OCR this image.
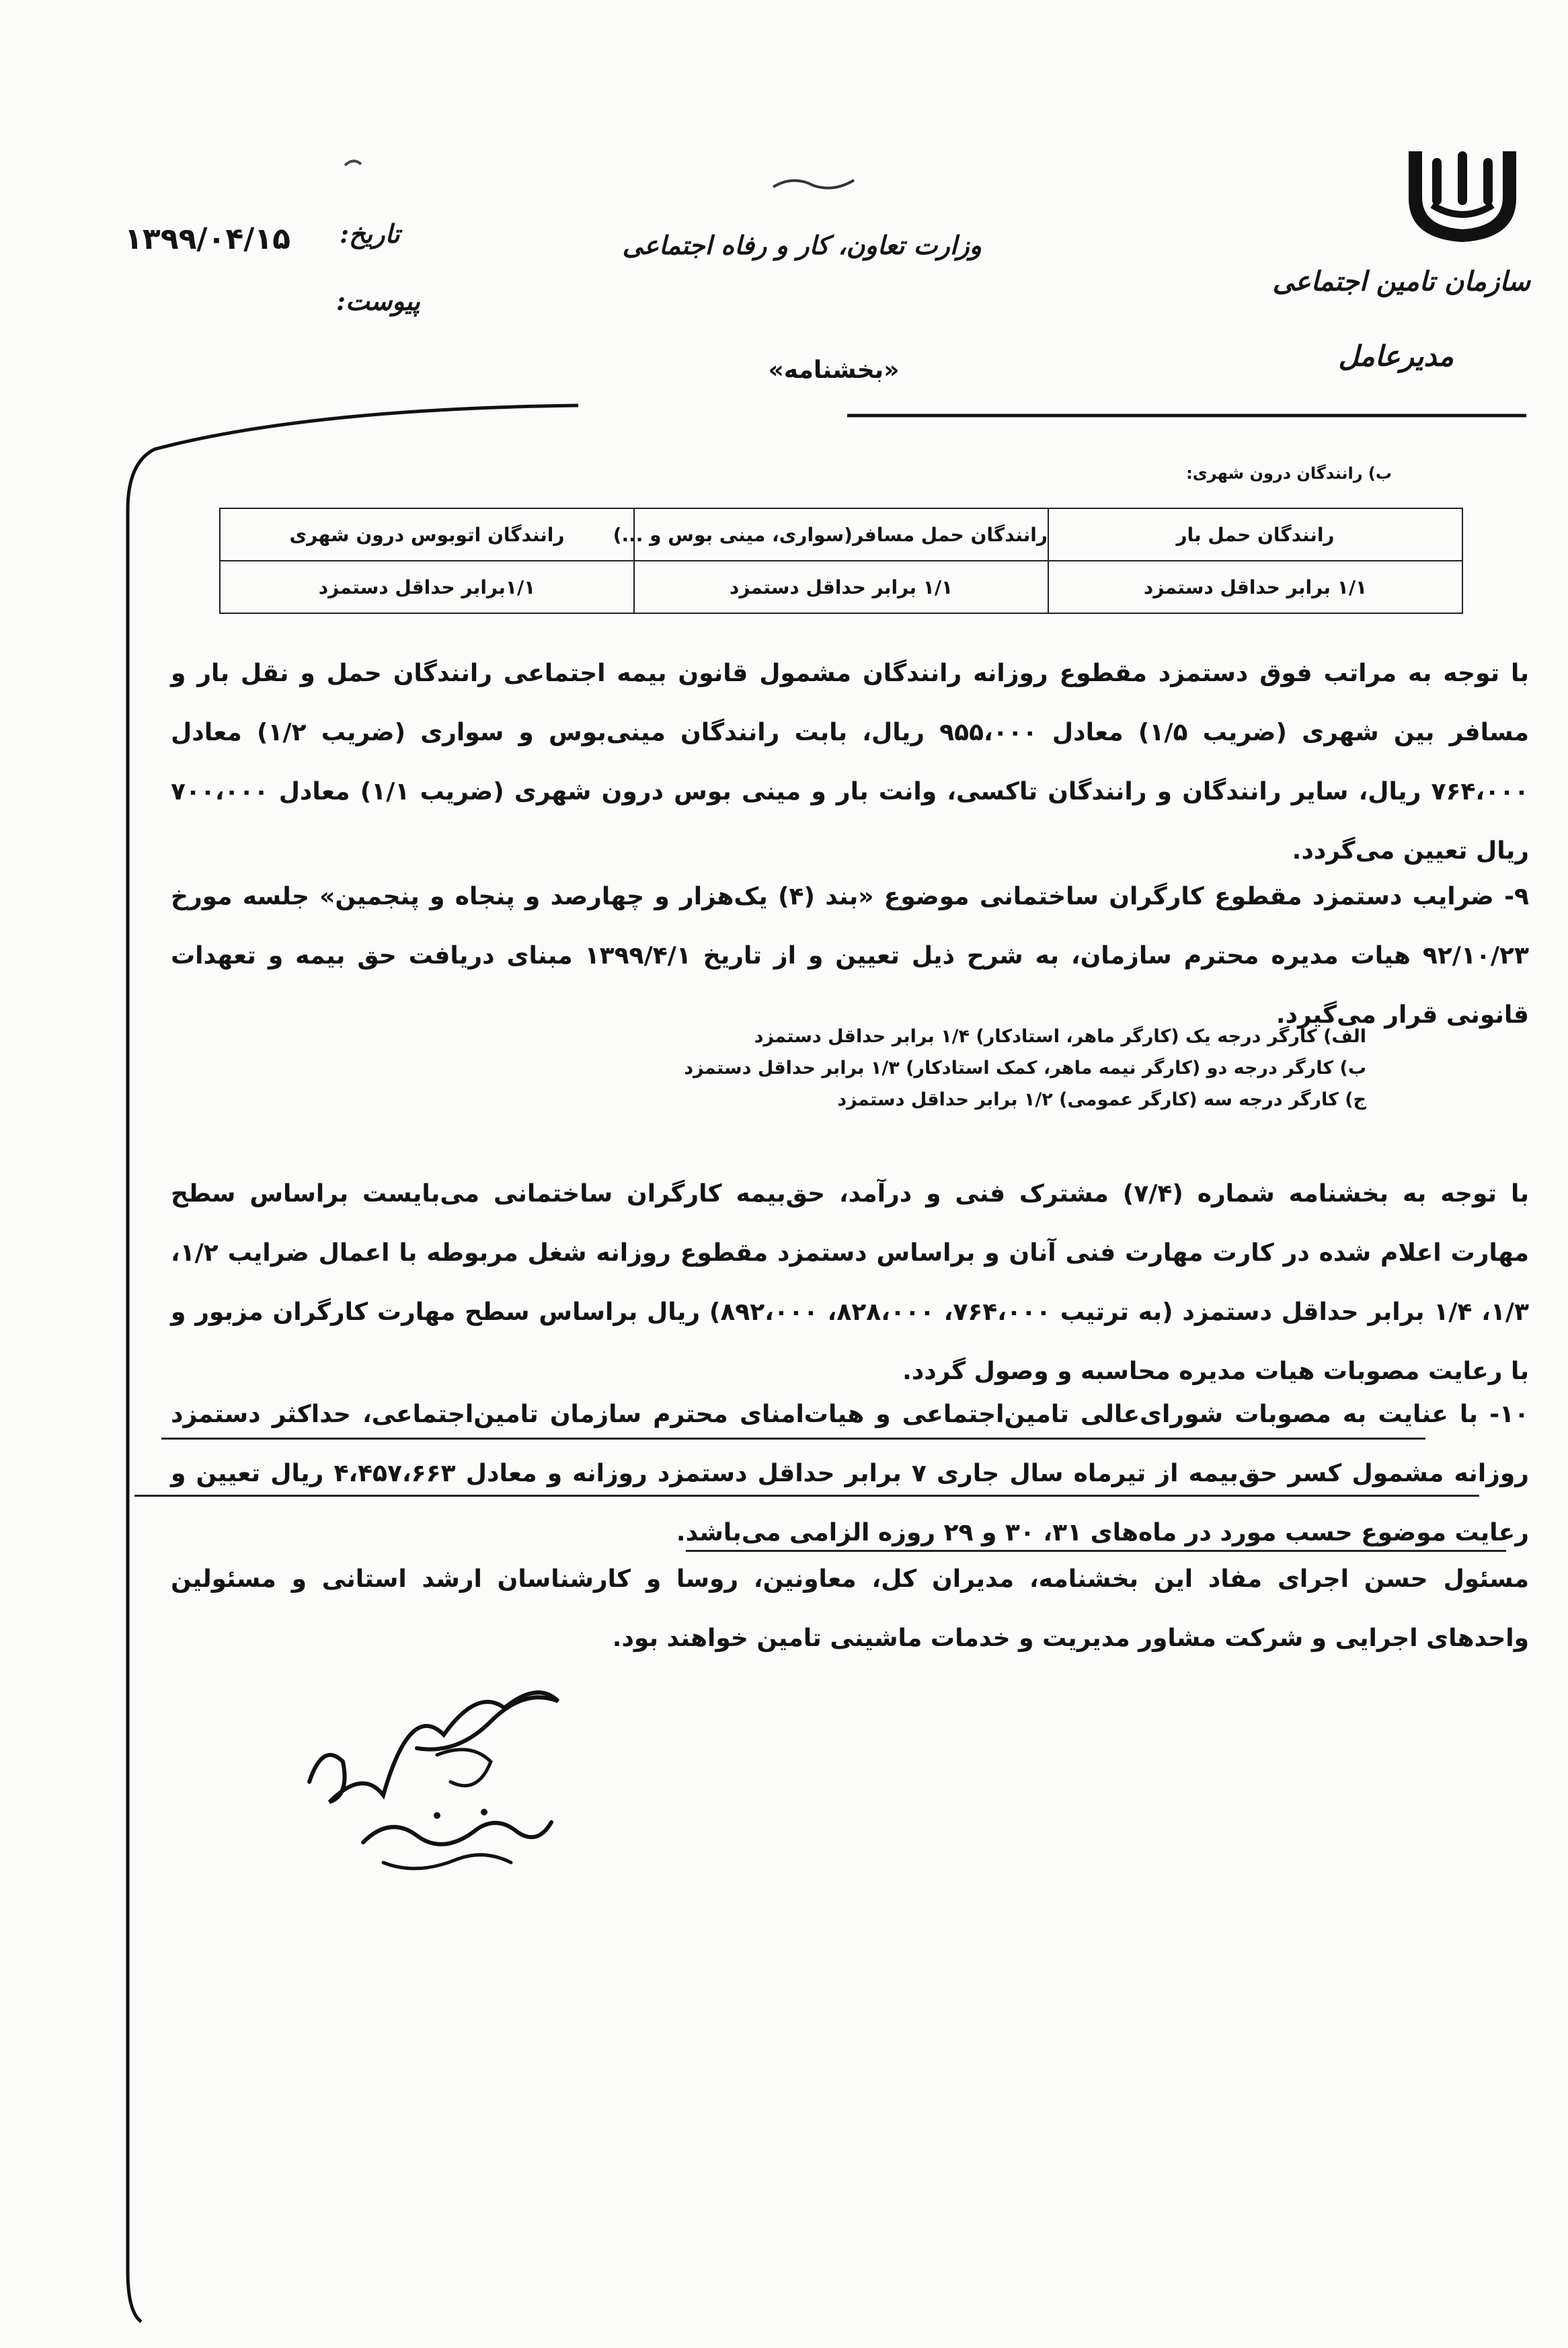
سازمان تامین اجتماعی
مدیرعامل
وزارت تعاون، کار و رفاه اجتماعی
تاریخ:
پیوست:
۱۳۹۹/۰۴/۱۵
«بخشنامه»
ب) رانندگان درون شهری:
رانندگان حمل بار	رانندگان حمل مسافر(سواری، مینی بوس و ...)	رانندگان اتوبوس درون شهری
۱/۱ برابر حداقل دستمزد	۱/۱ برابر حداقل دستمزد	۱/۱برابر حداقل دستمزد
با توجه به مراتب فوق دستمزد مقطوع روزانه رانندگان مشمول قانون بیمه اجتماعی رانندگان حمل و نقل بار و مسافر بین شهری (ضریب ۱/۵) معادل ۹۵۵،۰۰۰ ریال، بابت رانندگان مینی‌بوس و سواری (ضریب ۱/۲) معادل ۷۶۴،۰۰۰ ریال، سایر رانندگان و رانندگان تاکسی، وانت بار و مینی بوس درون شهری (ضریب ۱/۱) معادل ۷۰۰،۰۰۰ ریال تعیین می‌گردد.
۹- ضرایب دستمزد مقطوع کارگران ساختمانی موضوع «بند (۴) یک‌هزار و چهارصد و پنجاه و پنجمین» جلسه مورخ ۹۲/۱۰/۲۳ هیات مدیره محترم سازمان، به شرح ذیل تعیین و از تاریخ ۱۳۹۹/۴/۱ مبنای دریافت حق بیمه و تعهدات قانونی قرار می‌گیرد.
الف) کارگر درجه یک (کارگر ماهر، استادکار) ۱/۴ برابر حداقل دستمزد
ب) کارگر درجه دو (کارگر نیمه ماهر، کمک استادکار) ۱/۳ برابر حداقل دستمزد
ج) کارگر درجه سه (کارگر عمومی) ۱/۲ برابر حداقل دستمزد
با توجه به بخشنامه شماره (۷/۴) مشترک فنی و درآمد، حق‌بیمه کارگران ساختمانی می‌بایست براساس سطح مهارت اعلام شده در کارت مهارت فنی آنان و براساس دستمزد مقطوع روزانه شغل مربوطه با اعمال ضرایب ۱/۲، ۱/۳، ۱/۴ برابر حداقل دستمزد (به ترتیب ۷۶۴،۰۰۰، ۸۲۸،۰۰۰، ۸۹۲،۰۰۰) ریال براساس سطح مهارت کارگران مزبور و با رعایت مصوبات هیات مدیره محاسبه و وصول گردد.
۱۰- با عنایت به مصوبات شورای‌عالی تامین‌اجتماعی و هیات‌امنای محترم سازمان تامین‌اجتماعی، حداکثر دستمزد روزانه مشمول کسر حق‌بیمه از تیرماه سال جاری ۷ برابر حداقل دستمزد روزانه و معادل ۴،۴۵۷،۶۶۳ ریال تعیین و رعایت موضوع حسب مورد در ماه‌های ۳۱، ۳۰ و ۲۹ روزه الزامی می‌باشد.
مسئول حسن اجرای مفاد این بخشنامه، مدیران کل، معاونین، روسا و کارشناسان ارشد استانی و مسئولین واحدهای اجرایی و شرکت مشاور مدیریت و خدمات ماشینی تامین خواهند بود.
